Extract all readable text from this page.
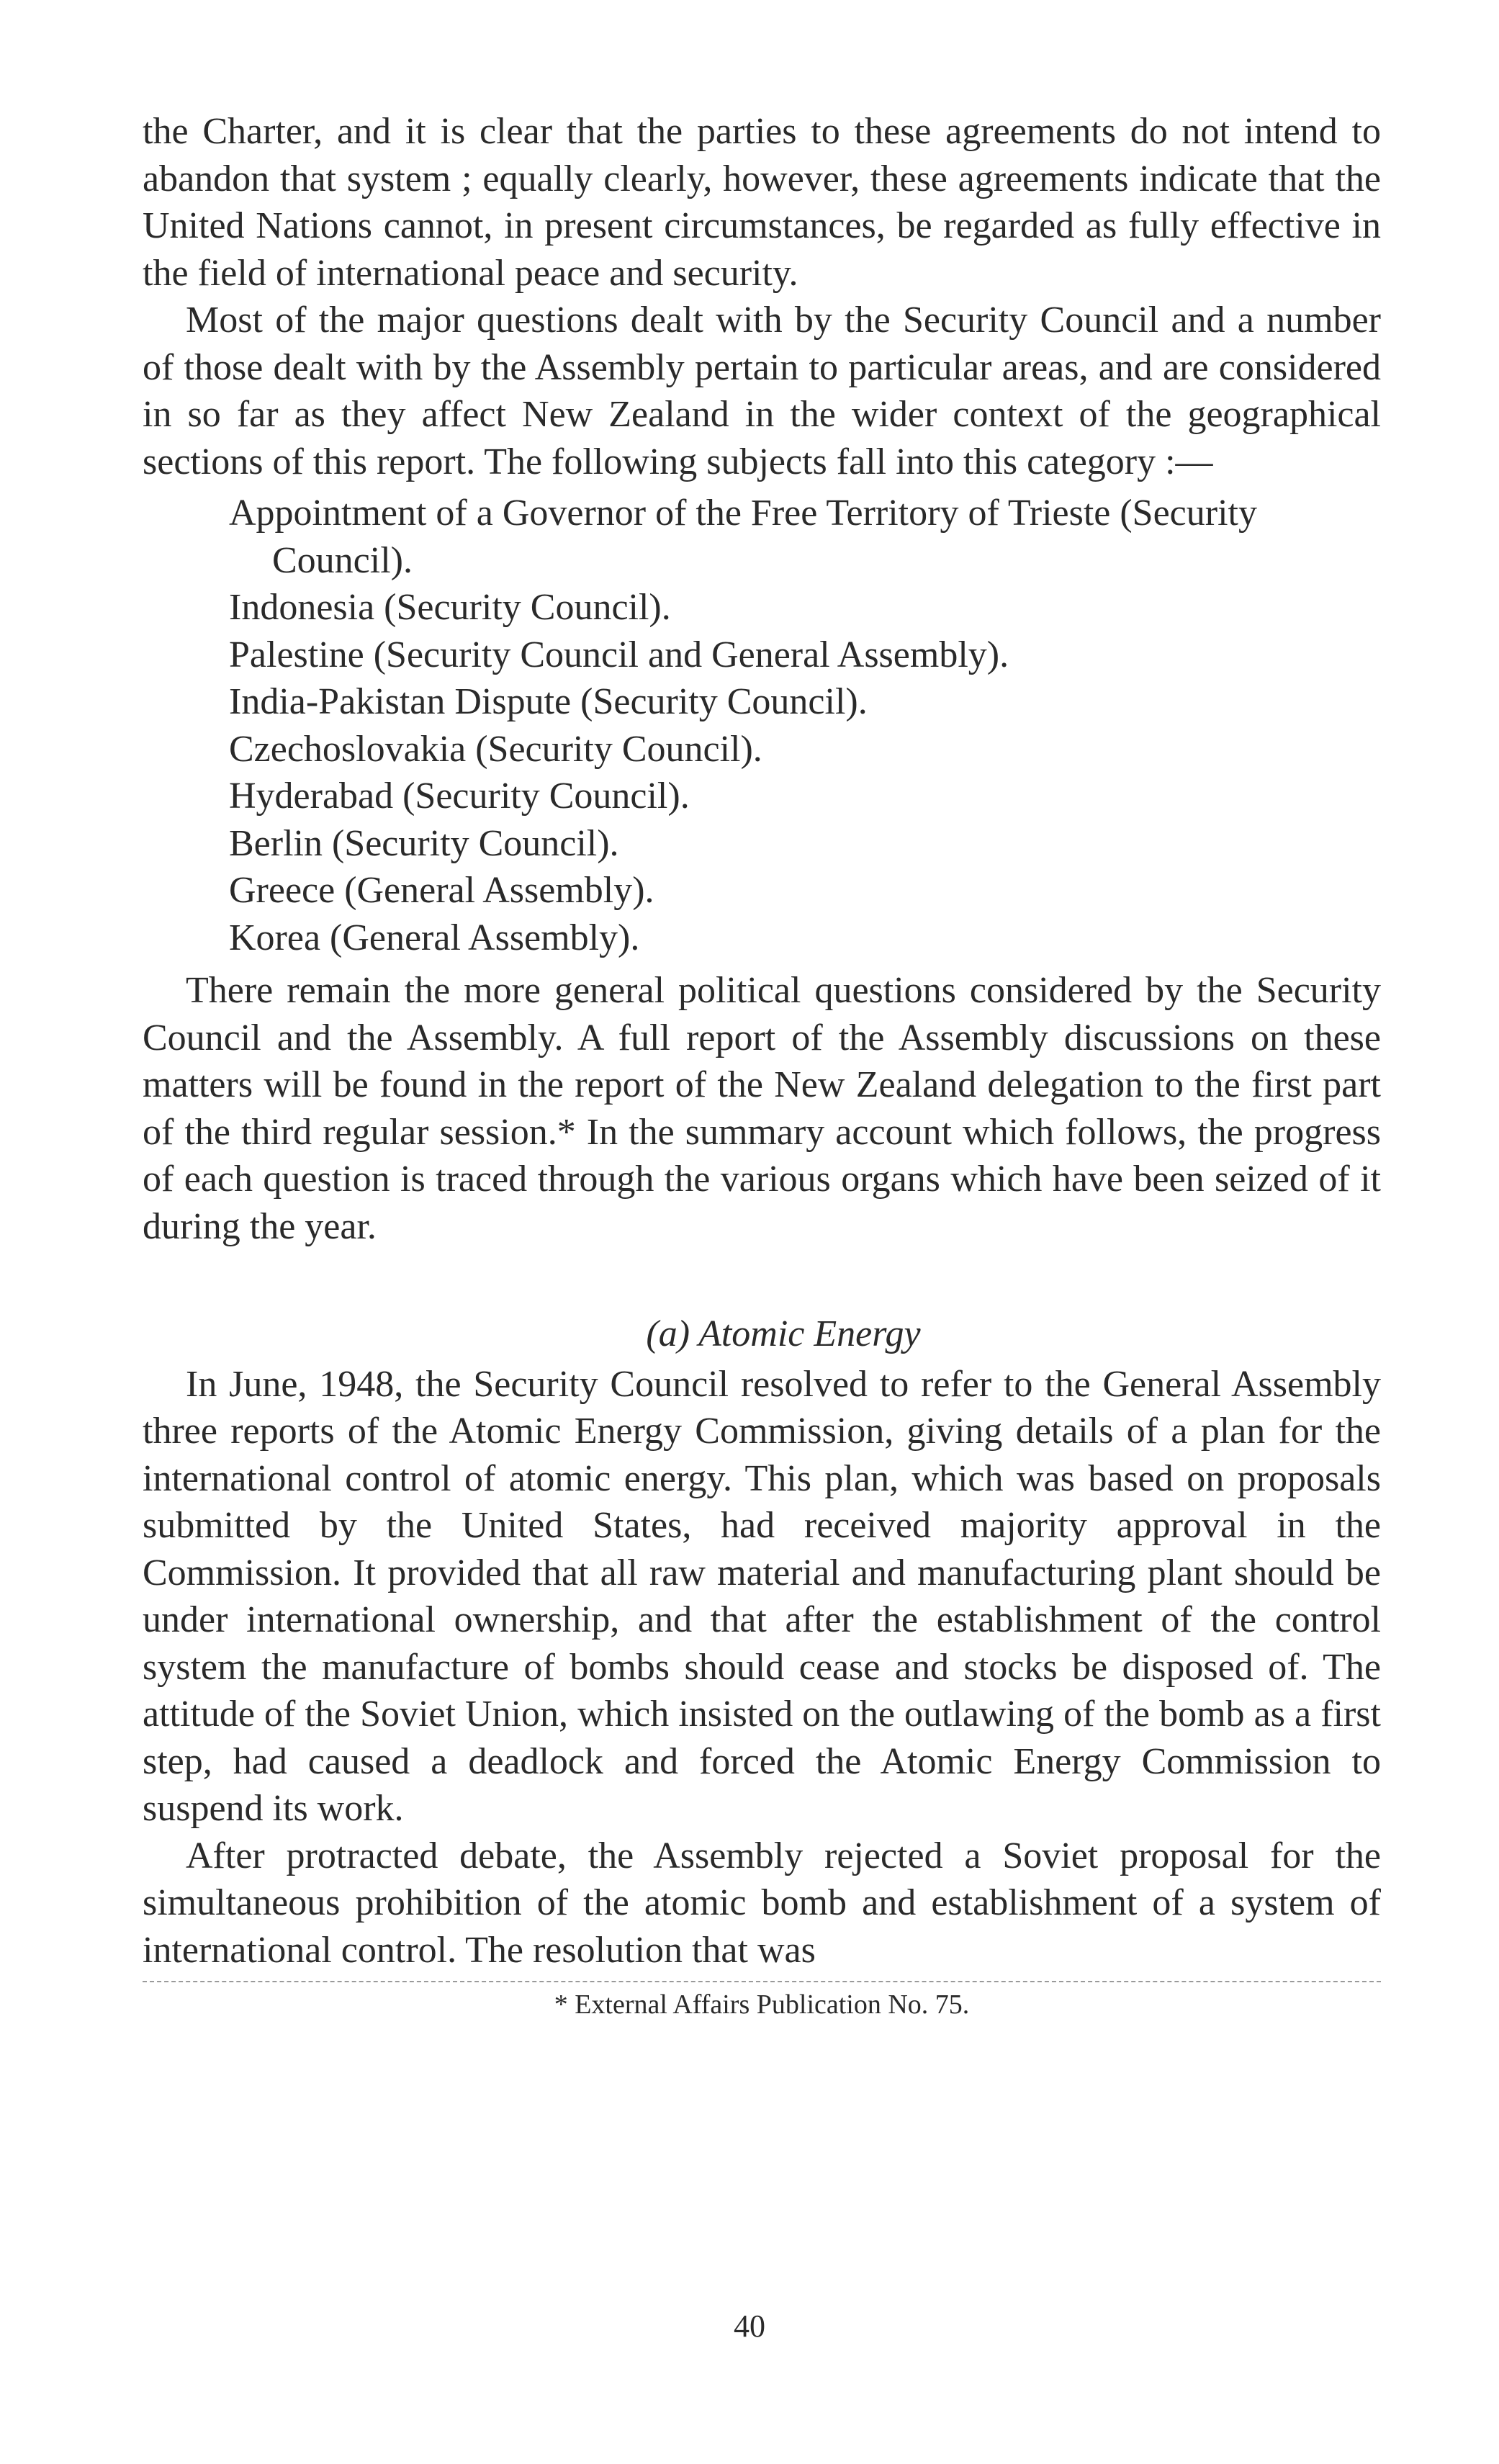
the Charter, and it is clear that the parties to these agreements do not intend to abandon that system ; equally clearly, however, these agreements indicate that the United Nations cannot, in present circumstances, be regarded as fully effective in the field of international peace and security.

Most of the major questions dealt with by the Security Council and a number of those dealt with by the Assembly pertain to particular areas, and are considered in so far as they affect New Zealand in the wider context of the geographical sections of this report. The following subjects fall into this category :—

Appointment of a Governor of the Free Territory of Trieste (Security Council).
Indonesia (Security Council).
Palestine (Security Council and General Assembly).
India-Pakistan Dispute (Security Council).
Czechoslovakia (Security Council).
Hyderabad (Security Council).
Berlin (Security Council).
Greece (General Assembly).
Korea (General Assembly).

There remain the more general political questions considered by the Security Council and the Assembly. A full report of the Assembly discussions on these matters will be found in the report of the New Zealand delegation to the first part of the third regular session.* In the summary account which follows, the progress of each question is traced through the various organs which have been seized of it during the year.

(a) Atomic Energy

In June, 1948, the Security Council resolved to refer to the General Assembly three reports of the Atomic Energy Commission, giving details of a plan for the international control of atomic energy. This plan, which was based on proposals submitted by the United States, had received majority approval in the Commission. It provided that all raw material and manufacturing plant should be under international ownership, and that after the establishment of the control system the manufacture of bombs should cease and stocks be disposed of. The attitude of the Soviet Union, which insisted on the outlawing of the bomb as a first step, had caused a deadlock and forced the Atomic Energy Commission to suspend its work.

After protracted debate, the Assembly rejected a Soviet proposal for the simultaneous prohibition of the atomic bomb and establishment of a system of international control. The resolution that was

* External Affairs Publication No. 75.

40
